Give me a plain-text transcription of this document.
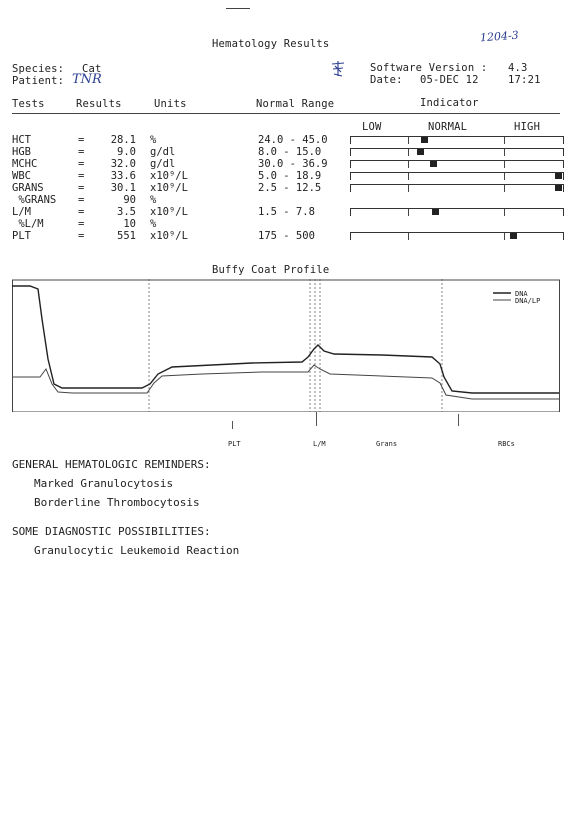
Hematology Results	1204-3
Species: Cat
Patient: TNR
Software Version : 4.3
Date: 05-DEC 12	17:21
Tests	Results	Units	Normal Range	Indicator
LOW	NORMAL	HIGH
HCT	=	28.1 %	24.0 - 45.0
HGB	=	9.0 g/dl	8.0 - 15.0
MCHC	=	32.0 g/dl	30.0 - 36.9
WBC	=	33.6 x10⁹/L	5.0 - 18.9
GRANS	=	30.1 x10⁹/L	2.5 - 12.5
%GRANS =	90 %
L/M	=	3.5 x10⁹/L	1.5 - 7.8
%L/M	=	10 %
PLT	=	551 x10⁹/L	175 - 500
Buffy Coat Profile
DNA
DNA/LP
PLT	L/M	Grans	RBCs
GENERAL HEMATOLOGIC REMINDERS:
Marked Granulocytosis
Borderline Thrombocytosis
SOME DIAGNOSTIC POSSIBILITIES:
Granulocytic Leukemoid Reaction
